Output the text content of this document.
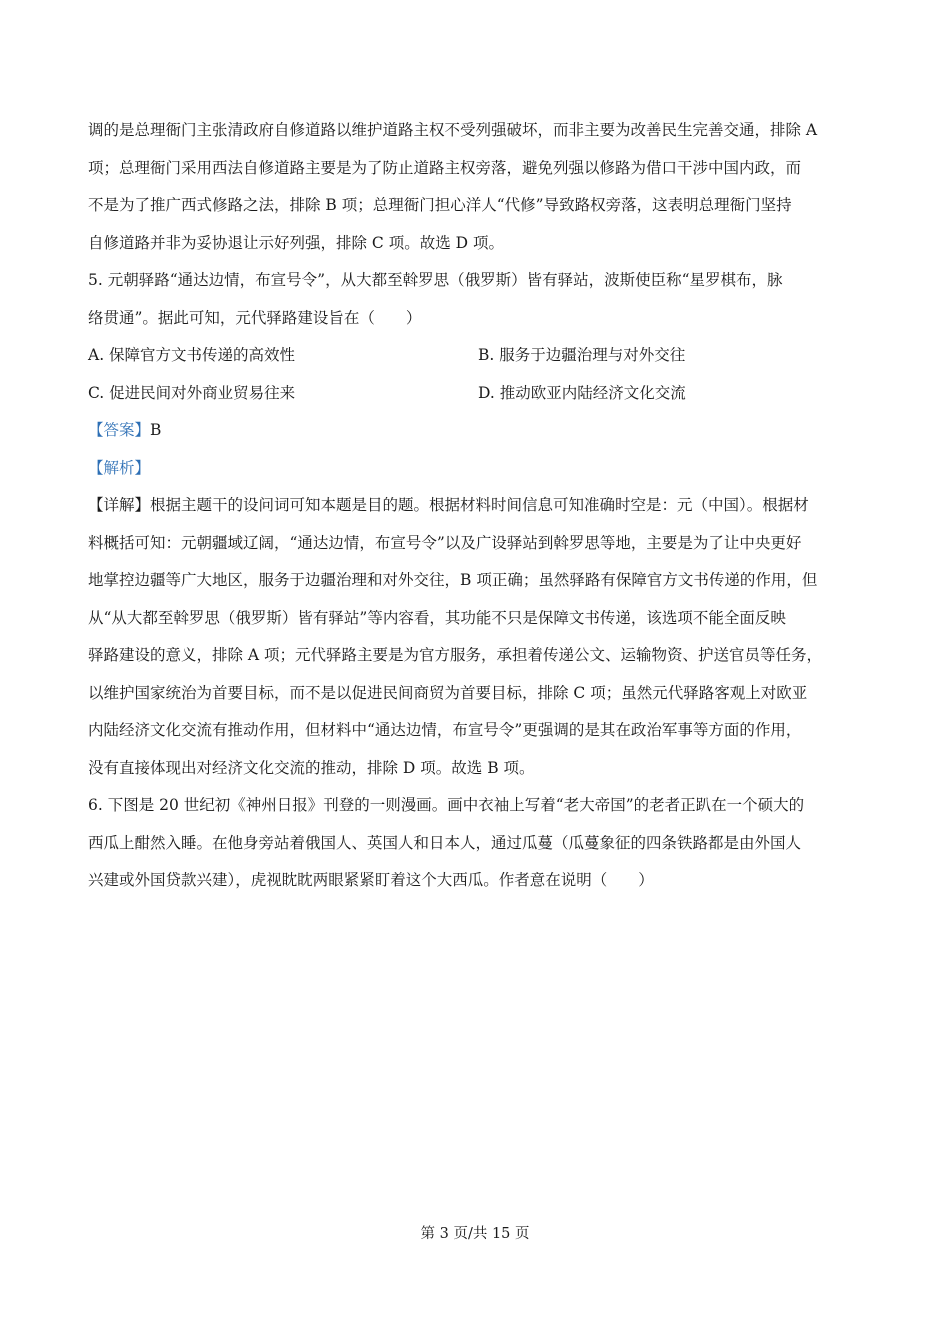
调的是总理衙门主张清政府自修道路以维护道路主权不受列强破坏，而非主要为改善民生完善交通，排除 A
项；总理衙门采用西法自修道路主要是为了防止道路主权旁落，避免列强以修路为借口干涉中国内政，而
不是为了推广西式修路之法，排除 B 项；总理衙门担心洋人“代修”导致路权旁落，这表明总理衙门坚持
自修道路并非为妥协退让示好列强，排除 C 项。故选 D 项。
5. 元朝驿路“通达边情，布宣号令”，从大都至斡罗思（俄罗斯）皆有驿站，波斯使臣称“星罗棋布，脉
络贯通”。据此可知，元代驿路建设旨在（　　）
A. 保障官方文书传递的高效性	B. 服务于边疆治理与对外交往
C. 促进民间对外商业贸易往来	D. 推动欧亚内陆经济文化交流
【答案】B
【解析】
【详解】根据主题干的设问词可知本题是目的题。根据材料时间信息可知准确时空是：元（中国）。根据材
料概括可知：元朝疆域辽阔，“通达边情，布宣号令”以及广设驿站到斡罗思等地，主要是为了让中央更好
地掌控边疆等广大地区，服务于边疆治理和对外交往，B 项正确；虽然驿路有保障官方文书传递的作用，但
从“从大都至斡罗思（俄罗斯）皆有驿站”等内容看，其功能不只是保障文书传递，该选项不能全面反映
驿路建设的意义，排除 A 项；元代驿路主要是为官方服务，承担着传递公文、运输物资、护送官员等任务，
以维护国家统治为首要目标，而不是以促进民间商贸为首要目标，排除 C 项；虽然元代驿路客观上对欧亚
内陆经济文化交流有推动作用，但材料中“通达边情，布宣号令”更强调的是其在政治军事等方面的作用，
没有直接体现出对经济文化交流的推动，排除 D 项。故选 B 项。
6. 下图是 20 世纪初《神州日报》刊登的一则漫画。画中衣袖上写着“老大帝国”的老者正趴在一个硕大的
西瓜上酣然入睡。在他身旁站着俄国人、英国人和日本人，通过瓜蔓（瓜蔓象征的四条铁路都是由外国人
兴建或外国贷款兴建），虎视眈眈两眼紧紧盯着这个大西瓜。作者意在说明（　　）
第 3 页/共 15 页
